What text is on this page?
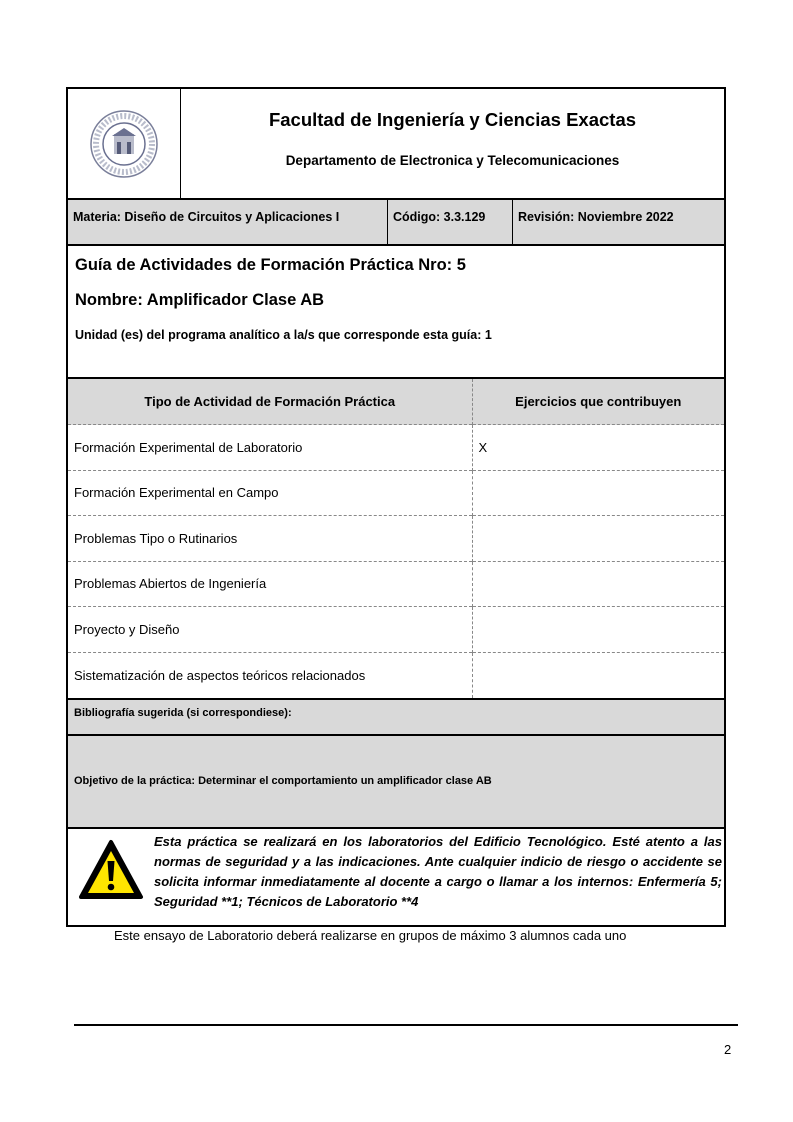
Facultad de Ingeniería y Ciencias Exactas
Departamento de Electronica y Telecomunicaciones
Materia: Diseño de Circuitos y Aplicaciones I	Código: 3.3.129	Revisión: Noviembre 2022
Guía de Actividades de Formación Práctica Nro: 5
Nombre: Amplificador Clase AB
Unidad (es) del programa analítico a la/s que corresponde esta guía: 1
Tipo de Actividad de Formación Práctica	Ejercicios que contribuyen
Formación Experimental de Laboratorio	X
Formación Experimental en Campo	
Problemas Tipo o Rutinarios	
Problemas Abiertos de Ingeniería	
Proyecto y Diseño	
Sistematización de aspectos teóricos relacionados	
Bibliografía sugerida (si correspondiese):
Objetivo de la práctica: Determinar el comportamiento un amplificador clase AB
Esta práctica se realizará en los laboratorios del Edificio Tecnológico. Esté atento a las normas de seguridad y a las indicaciones. Ante cualquier indicio de riesgo o accidente se solicita informar inmediatamente al docente a cargo o llamar a los internos: Enfermería 5; Seguridad **1; Técnicos de Laboratorio **4
Este ensayo de Laboratorio deberá realizarse en grupos de máximo 3 alumnos cada uno
2
